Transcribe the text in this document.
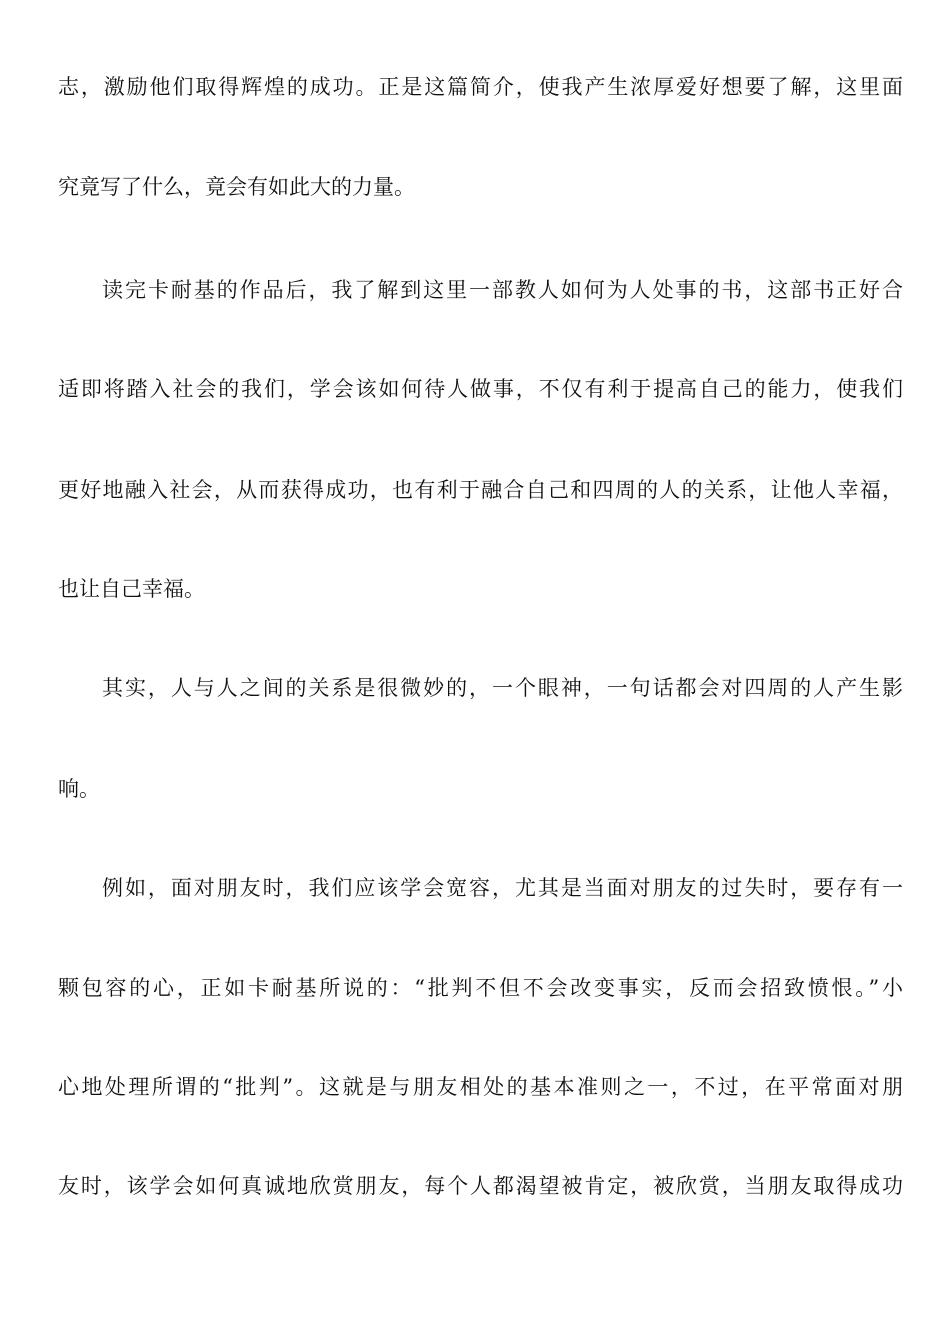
志，激励他们取得辉煌的成功。正是这篇简介，使我产生浓厚爱好想要了解，这里面
究竟写了什么，竟会有如此大的力量。
读完卡耐基的作品后，我了解到这里一部教人如何为人处事的书，这部书正好合
适即将踏入社会的我们，学会该如何待人做事，不仅有利于提高自己的能力，使我们
更好地融入社会，从而获得成功，也有利于融合自己和四周的人的关系，让他人幸福，
也让自己幸福。
其实，人与人之间的关系是很微妙的，一个眼神，一句话都会对四周的人产生影
响。
例如，面对朋友时，我们应该学会宽容，尤其是当面对朋友的过失时，要存有一
颗包容的心，正如卡耐基所说的：“批判不但不会改变事实，反而会招致愤恨。”小
心地处理所谓的“批判”。这就是与朋友相处的基本准则之一，不过，在平常面对朋
友时，该学会如何真诚地欣赏朋友，每个人都渴望被肯定，被欣赏，当朋友取得成功
